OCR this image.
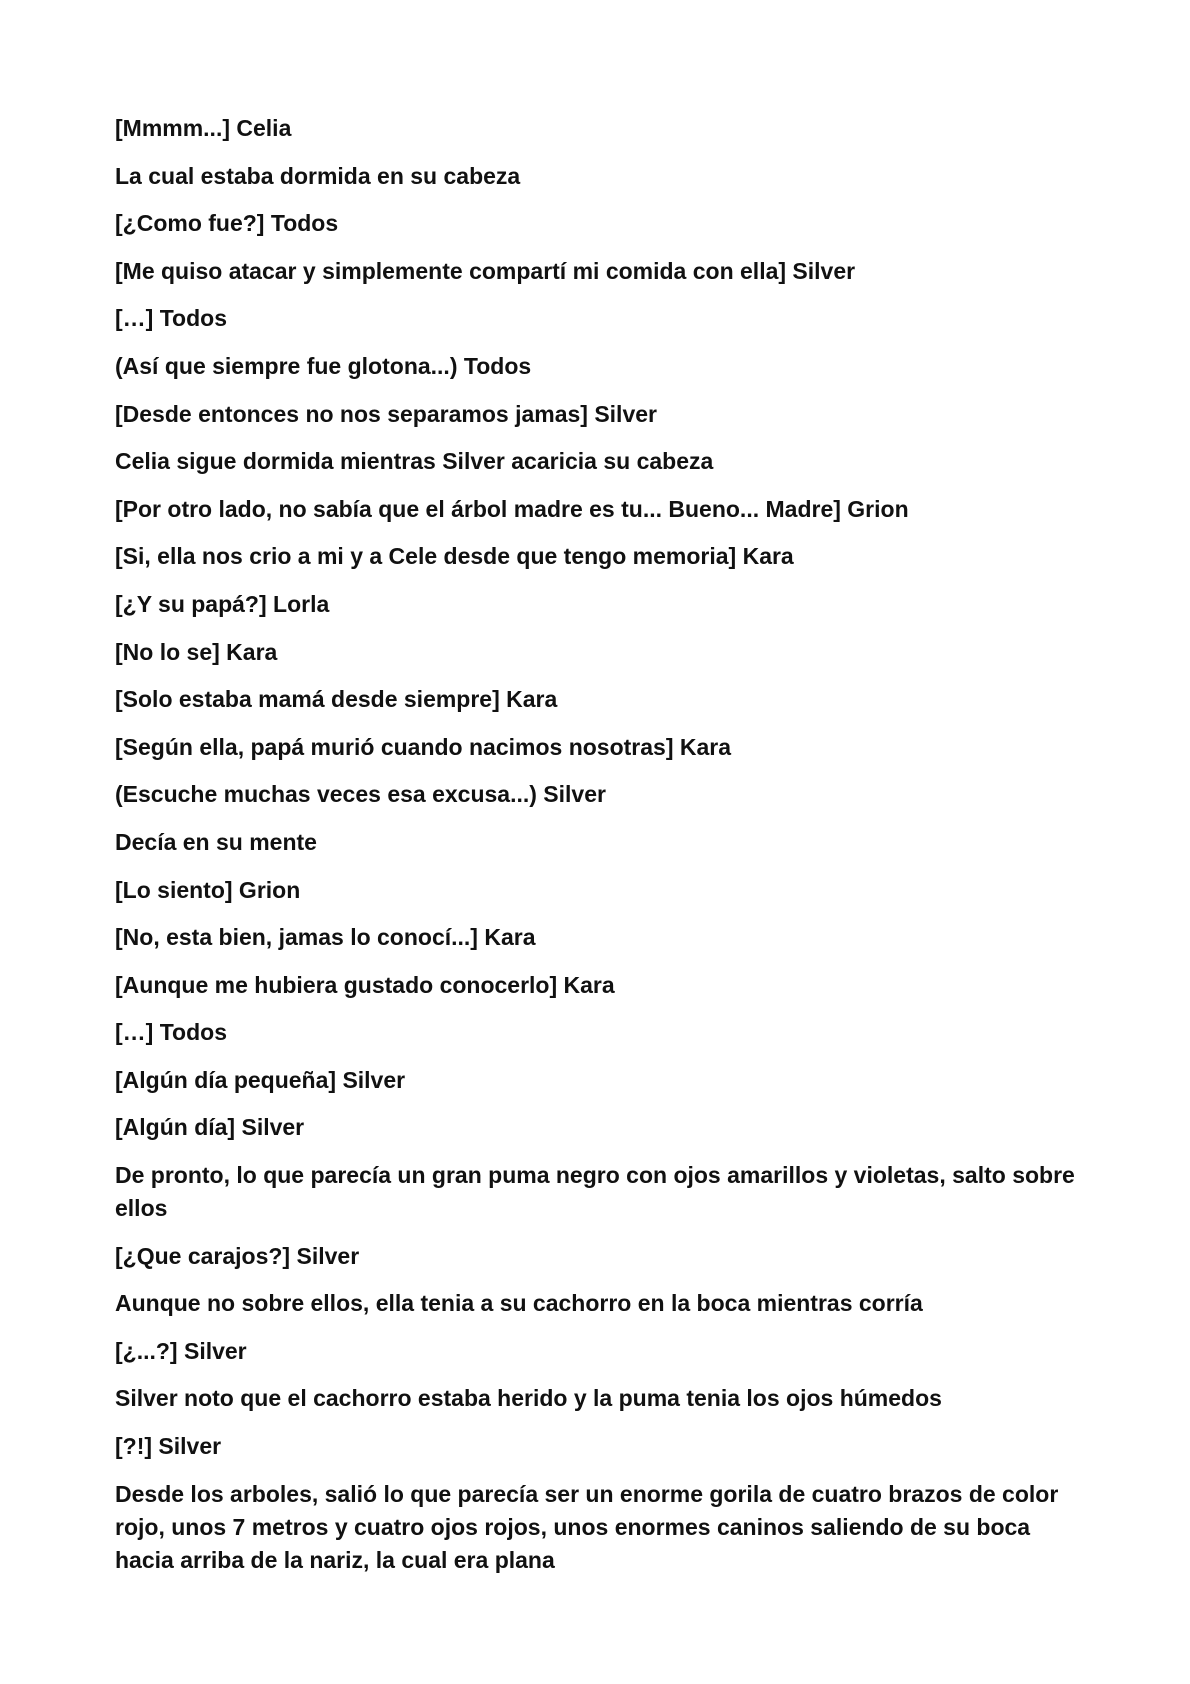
[Mmmm...] Celia

La cual estaba dormida en su cabeza

[¿Como fue?] Todos

[Me quiso atacar y simplemente compartí mi comida con ella] Silver

[…] Todos

(Así que siempre fue glotona...) Todos

[Desde entonces no nos separamos jamas] Silver

Celia sigue dormida mientras Silver acaricia su cabeza

[Por otro lado, no sabía que el árbol madre es tu... Bueno... Madre] Grion

[Si, ella nos crio a mi y a Cele desde que tengo memoria] Kara

[¿Y su papá?] Lorla

[No lo se] Kara

[Solo estaba mamá desde siempre] Kara

[Según ella, papá murió cuando nacimos nosotras] Kara

(Escuche muchas veces esa excusa...) Silver

Decía en su mente

[Lo siento] Grion

[No, esta bien, jamas lo conocí...] Kara

[Aunque me hubiera gustado conocerlo] Kara

[…] Todos

[Algún día pequeña] Silver

[Algún día] Silver

De pronto, lo que parecía un gran puma negro con ojos amarillos y violetas, salto sobre ellos

[¿Que carajos?] Silver

Aunque no sobre ellos, ella tenia a su cachorro en la boca mientras corría

[¿...?] Silver

Silver noto que el cachorro estaba herido y la puma tenia los ojos húmedos

[?!] Silver

Desde los arboles, salió lo que parecía ser un enorme gorila de cuatro brazos de color rojo, unos 7 metros y cuatro ojos rojos, unos enormes caninos saliendo de su boca hacia arriba de la nariz, la cual era plana
